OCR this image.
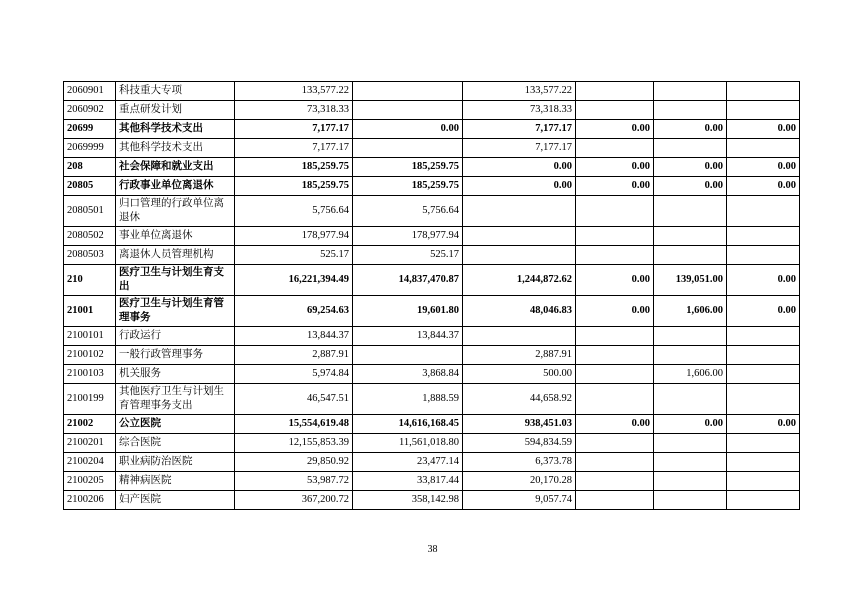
2060901	科技重大专项	133,577.22		133,577.22			
2060902	重点研发计划	73,318.33		73,318.33			
20699	其他科学技术支出	7,177.17	0.00	7,177.17	0.00	0.00	0.00
2069999	其他科学技术支出	7,177.17		7,177.17			
208	社会保障和就业支出	185,259.75	185,259.75	0.00	0.00	0.00	0.00
20805	行政事业单位离退休	185,259.75	185,259.75	0.00	0.00	0.00	0.00
2080501	归口管理的行政单位离退休	5,756.64	5,756.64				
2080502	事业单位离退休	178,977.94	178,977.94				
2080503	离退休人员管理机构	525.17	525.17				
210	医疗卫生与计划生育支出	16,221,394.49	14,837,470.87	1,244,872.62	0.00	139,051.00	0.00
21001	医疗卫生与计划生育管理事务	69,254.63	19,601.80	48,046.83	0.00	1,606.00	0.00
2100101	行政运行	13,844.37	13,844.37				
2100102	一般行政管理事务	2,887.91		2,887.91			
2100103	机关服务	5,974.84	3,868.84	500.00		1,606.00	
2100199	其他医疗卫生与计划生育管理事务支出	46,547.51	1,888.59	44,658.92			
21002	公立医院	15,554,619.48	14,616,168.45	938,451.03	0.00	0.00	0.00
2100201	综合医院	12,155,853.39	11,561,018.80	594,834.59			
2100204	职业病防治医院	29,850.92	23,477.14	6,373.78			
2100205	精神病医院	53,987.72	33,817.44	20,170.28			
2100206	妇产医院	367,200.72	358,142.98	9,057.74			
38
